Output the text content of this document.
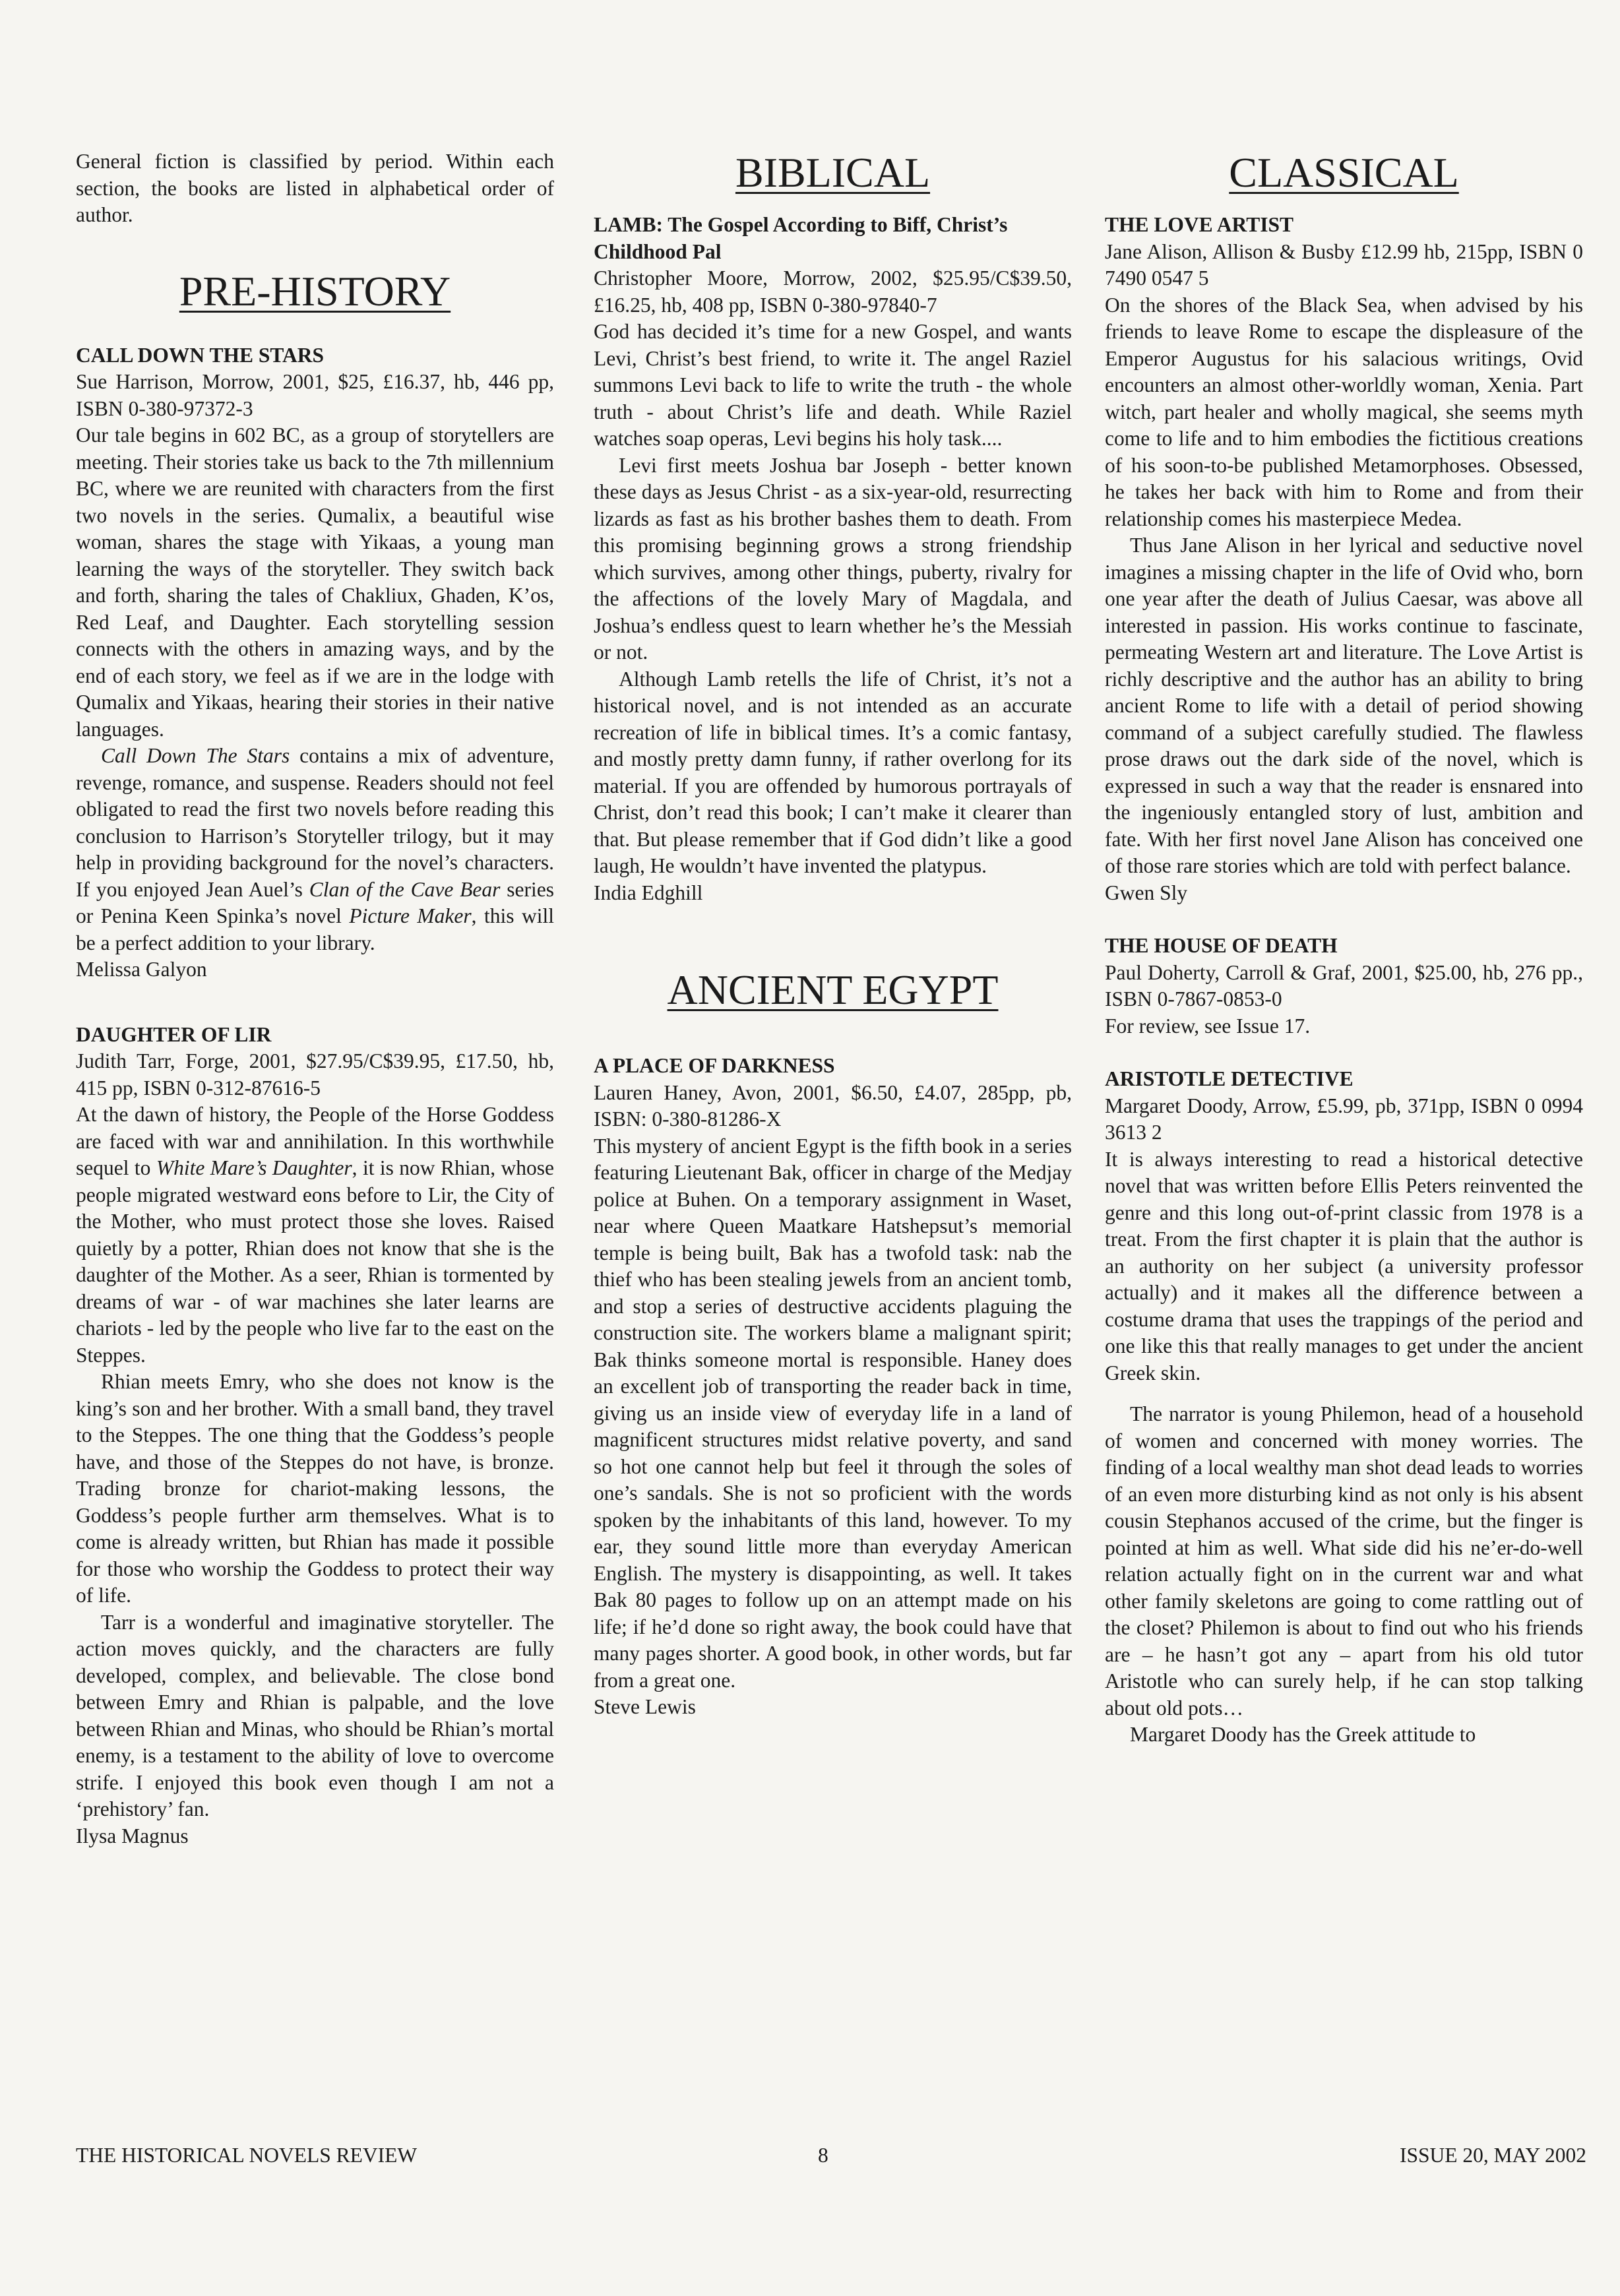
General fiction is classified by period. Within each section, the books are listed in alphabetical order of author.

PRE-HISTORY

CALL DOWN THE STARS

Sue Harrison, Morrow, 2001, $25, £16.37, hb, 446 pp, ISBN 0-380-97372-3

Our tale begins in 602 BC, as a group of storytellers are meeting. Their stories take us back to the 7th millennium BC, where we are reunited with characters from the first two novels in the series. Qumalix, a beautiful wise woman, shares the stage with Yikaas, a young man learning the ways of the storyteller. They switch back and forth, sharing the tales of Chakliux, Ghaden, K’os, Red Leaf, and Daughter. Each storytelling session connects with the others in amazing ways, and by the end of each story, we feel as if we are in the lodge with Qumalix and Yikaas, hearing their stories in their native languages.

Call Down The Stars contains a mix of adventure, revenge, romance, and suspense. Readers should not feel obligated to read the first two novels before reading this conclusion to Harrison’s Storyteller trilogy, but it may help in providing background for the novel’s characters. If you enjoyed Jean Auel’s Clan of the Cave Bear series or Penina Keen Spinka’s novel Picture Maker, this will be a perfect addition to your library.

Melissa Galyon

DAUGHTER OF LIR

Judith Tarr, Forge, 2001, $27.95/C$39.95, £17.50, hb, 415 pp, ISBN 0-312-87616-5

At the dawn of history, the People of the Horse Goddess are faced with war and annihilation. In this worthwhile sequel to White Mare’s Daughter, it is now Rhian, whose people migrated westward eons before to Lir, the City of the Mother, who must protect those she loves. Raised quietly by a potter, Rhian does not know that she is the daughter of the Mother. As a seer, Rhian is tormented by dreams of war - of war machines she later learns are chariots - led by the people who live far to the east on the Steppes.

Rhian meets Emry, who she does not know is the king’s son and her brother. With a small band, they travel to the Steppes. The one thing that the Goddess’s people have, and those of the Steppes do not have, is bronze. Trading bronze for chariot-making lessons, the Goddess’s people further arm themselves. What is to come is already written, but Rhian has made it possible for those who worship the Goddess to protect their way of life.

Tarr is a wonderful and imaginative storyteller. The action moves quickly, and the characters are fully developed, complex, and believable. The close bond between Emry and Rhian is palpable, and the love between Rhian and Minas, who should be Rhian’s mortal enemy, is a testament to the ability of love to overcome strife. I enjoyed this book even though I am not a ‘prehistory’ fan.

Ilysa Magnus

BIBLICAL

LAMB: The Gospel According to Biff, Christ’s Childhood Pal

Christopher Moore, Morrow, 2002, $25.95/C$39.50, £16.25, hb, 408 pp, ISBN 0-380-97840-7

God has decided it’s time for a new Gospel, and wants Levi, Christ’s best friend, to write it. The angel Raziel summons Levi back to life to write the truth - the whole truth - about Christ’s life and death. While Raziel watches soap operas, Levi begins his holy task....

Levi first meets Joshua bar Joseph - better known these days as Jesus Christ - as a six-year-old, resurrecting lizards as fast as his brother bashes them to death. From this promising beginning grows a strong friendship which survives, among other things, puberty, rivalry for the affections of the lovely Mary of Magdala, and Joshua’s endless quest to learn whether he’s the Messiah or not.

Although Lamb retells the life of Christ, it’s not a historical novel, and is not intended as an accurate recreation of life in biblical times. It’s a comic fantasy, and mostly pretty damn funny, if rather overlong for its material. If you are offended by humorous portrayals of Christ, don’t read this book; I can’t make it clearer than that. But please remember that if God didn’t like a good laugh, He wouldn’t have invented the platypus.

India Edghill

ANCIENT EGYPT

A PLACE OF DARKNESS

Lauren Haney, Avon, 2001, $6.50, £4.07, 285pp, pb, ISBN: 0-380-81286-X

This mystery of ancient Egypt is the fifth book in a series featuring Lieutenant Bak, officer in charge of the Medjay police at Buhen. On a temporary assignment in Waset, near where Queen Maatkare Hatshepsut’s memorial temple is being built, Bak has a twofold task: nab the thief who has been stealing jewels from an ancient tomb, and stop a series of destructive accidents plaguing the construction site. The workers blame a malignant spirit; Bak thinks someone mortal is responsible. Haney does an excellent job of transporting the reader back in time, giving us an inside view of everyday life in a land of magnificent structures midst relative poverty, and sand so hot one cannot help but feel it through the soles of one’s sandals. She is not so proficient with the words spoken by the inhabitants of this land, however. To my ear, they sound little more than everyday American English. The mystery is disappointing, as well. It takes Bak 80 pages to follow up on an attempt made on his life; if he’d done so right away, the book could have that many pages shorter. A good book, in other words, but far from a great one.

Steve Lewis

CLASSICAL

THE LOVE ARTIST

Jane Alison, Allison & Busby £12.99 hb, 215pp, ISBN 0 7490 0547 5

On the shores of the Black Sea, when advised by his friends to leave Rome to escape the displeasure of the Emperor Augustus for his salacious writings, Ovid encounters an almost other-worldly woman, Xenia. Part witch, part healer and wholly magical, she seems myth come to life and to him embodies the fictitious creations of his soon-to-be published Metamorphoses. Obsessed, he takes her back with him to Rome and from their relationship comes his masterpiece Medea.

Thus Jane Alison in her lyrical and seductive novel imagines a missing chapter in the life of Ovid who, born one year after the death of Julius Caesar, was above all interested in passion. His works continue to fascinate, permeating Western art and literature. The Love Artist is richly descriptive and the author has an ability to bring ancient Rome to life with a detail of period showing command of a subject carefully studied. The flawless prose draws out the dark side of the novel, which is expressed in such a way that the reader is ensnared into the ingeniously entangled story of lust, ambition and fate. With her first novel Jane Alison has conceived one of those rare stories which are told with perfect balance.

Gwen Sly

THE HOUSE OF DEATH

Paul Doherty, Carroll & Graf, 2001, $25.00, hb, 276 pp., ISBN 0-7867-0853-0

For review, see Issue 17.

ARISTOTLE DETECTIVE

Margaret Doody, Arrow, £5.99, pb, 371pp, ISBN 0 0994 3613 2

It is always interesting to read a historical detective novel that was written before Ellis Peters reinvented the genre and this long out-of-print classic from 1978 is a treat. From the first chapter it is plain that the author is an authority on her subject (a university professor actually) and it makes all the difference between a costume drama that uses the trappings of the period and one like this that really manages to get under the ancient Greek skin.

The narrator is young Philemon, head of a household of women and concerned with money worries. The finding of a local wealthy man shot dead leads to worries of an even more disturbing kind as not only is his absent cousin Stephanos accused of the crime, but the finger is pointed at him as well. What side did his ne’er-do-well relation actually fight on in the current war and what other family skeletons are going to come rattling out of the closet? Philemon is about to find out who his friends are – he hasn’t got any – apart from his old tutor Aristotle who can surely help, if he can stop talking about old pots…

Margaret Doody has the Greek attitude to

THE HISTORICAL NOVELS REVIEW	8	ISSUE 20, MAY 2002
